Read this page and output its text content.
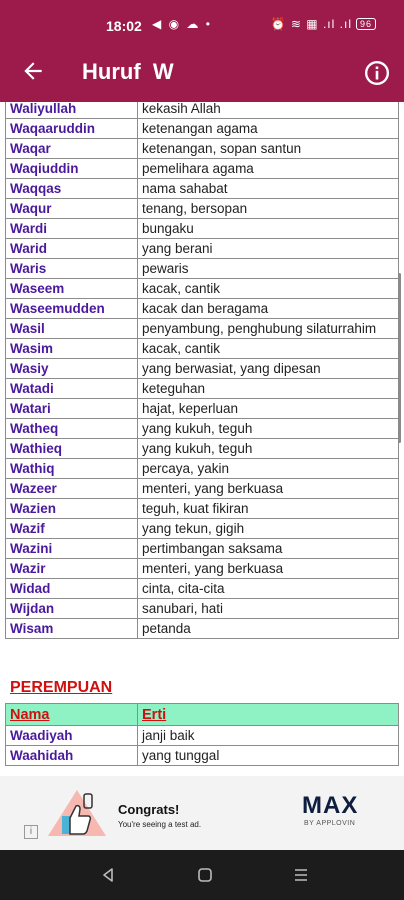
18:02 ◀ ◉ ☁ •	⏰ ≋ ▦ .ıl .ıl 96
Huruf  W
Waliyullah	kekasih Allah
Waqaaruddin	ketenangan agama
Waqar	ketenangan, sopan santun
Waqiuddin	pemelihara agama
Waqqas	nama sahabat
Waqur	tenang, bersopan
Wardi	bungaku
Warid	yang berani
Waris	pewaris
Waseem	kacak, cantik
Waseemudden	kacak dan beragama
Wasil	penyambung, penghubung silaturrahim
Wasim	kacak, cantik
Wasiy	yang berwasiat, yang dipesan
Watadi	keteguhan
Watari	hajat, keperluan
Watheq	yang kukuh, teguh
Wathieq	yang kukuh, teguh
Wathiq	percaya, yakin
Wazeer	menteri, yang berkuasa
Wazien	teguh, kuat fikiran
Wazif	yang tekun, gigih
Wazini	pertimbangan saksama
Wazir	menteri, yang berkuasa
Widad	cinta, cita-cita
Wijdan	sanubari, hati
Wisam	petanda
PEREMPUAN
Nama	Erti
Waadiyah	janji baik
Waahidah	yang tunggal
i
Congrats!
You're seeing a test ad.
MAX
BY APPLOVIN
